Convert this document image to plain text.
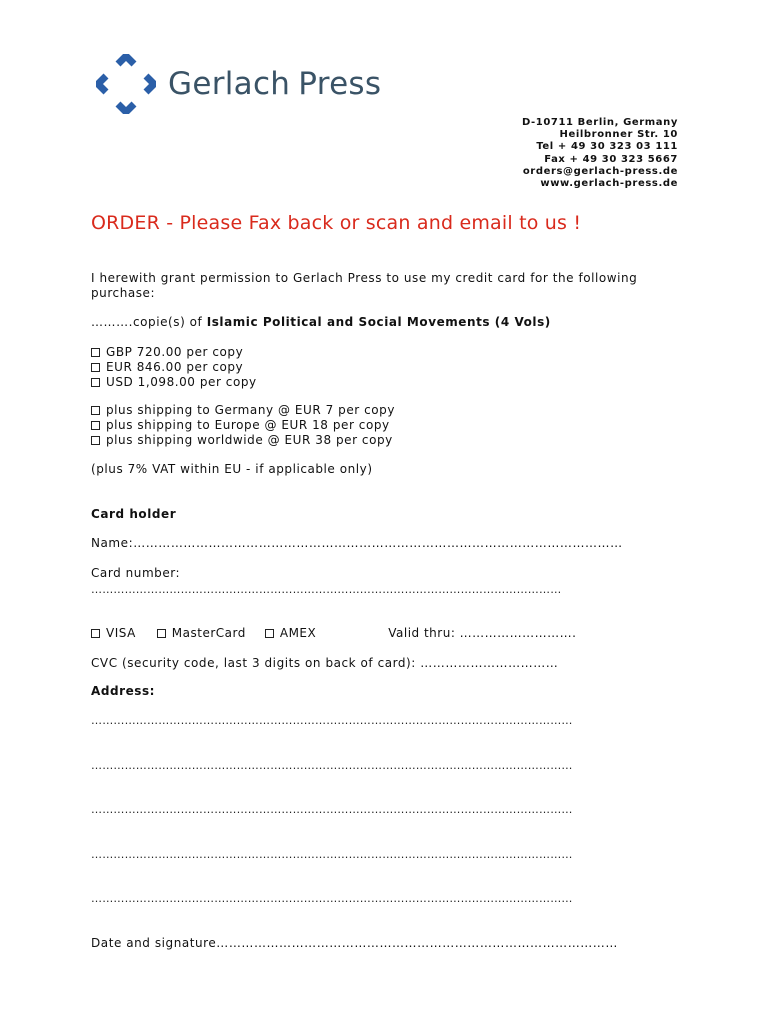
Gerlach Press
D-10711 Berlin, Germany
Heilbronner Str. 10
Tel + 49 30 323 03 111
Fax + 49 30 323 5667
orders@gerlach-press.de
www.gerlach-press.de
ORDER - Please Fax back or scan and email to us !
I herewith grant permission to Gerlach Press to use my credit card for the following
purchase:
……….copie(s) of Islamic Political and Social Movements (4 Vols)
GBP 720.00 per copy
EUR 846.00 per copy
USD 1,098.00 per copy
plus shipping to Germany @ EUR 7 per copy
plus shipping to Europe @ EUR 18 per copy
plus shipping worldwide @ EUR 38 per copy
(plus 7% VAT within EU - if applicable only)
Card holder
Name:………………………………………………………………………………………………………
Card number:
………………………………………………………………………………………………………………
VISA	MasterCard	AMEX	Valid thru: ……………………….
CVC (security code, last 3 digits on back of card): ……………………………
Address:
…………………………………………………………………………………………………………………
…………………………………………………………………………………………………………………
…………………………………………………………………………………………………………………
…………………………………………………………………………………………………………………
…………………………………………………………………………………………………………………
Date and signature……………………………………………………………………………………
